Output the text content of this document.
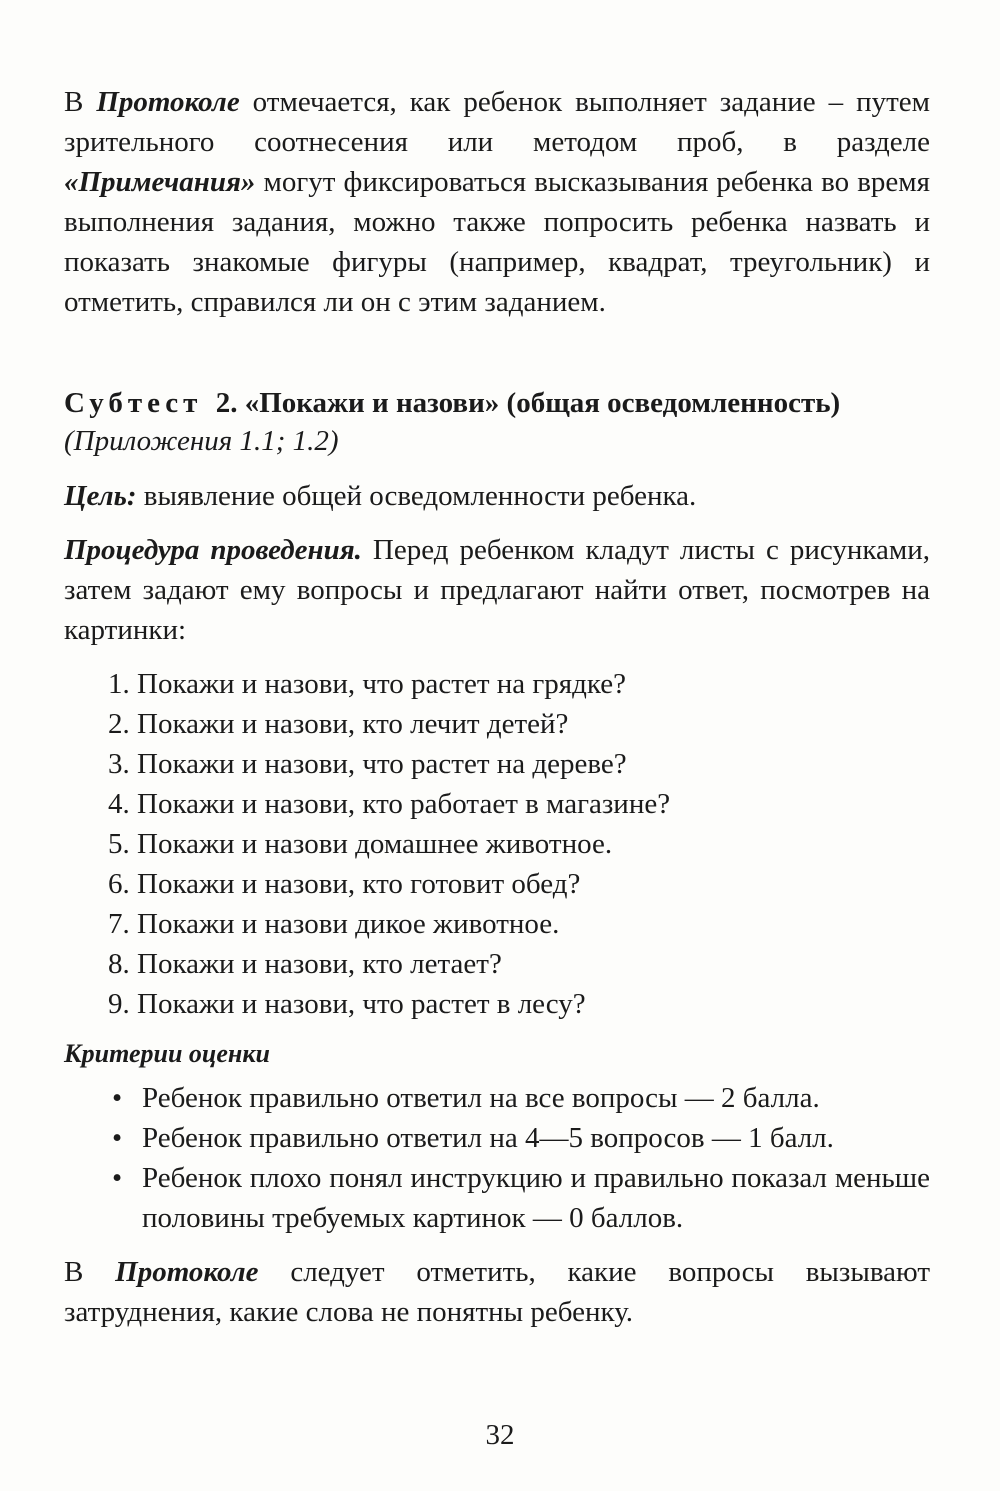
В Протоколе отмечается, как ребенок выполняет задание – путем зрительного соотнесения или методом проб, в разделе «Примечания» могут фиксироваться высказывания ребенка во время выполнения задания, можно также попросить ребенка назвать и показать знакомые фигуры (например, квадрат, треугольник) и отметить, справился ли он с этим заданием.

Субтест 2. «Покажи и назови» (общая осведомленность)

(Приложения 1.1; 1.2)

Цель: выявление общей осведомленности ребенка.

Процедура проведения. Перед ребенком кладут листы с рисунками, затем задают ему вопросы и предлагают найти ответ, посмотрев на картинки:

1. Покажи и назови, что растет на грядке?
2. Покажи и назови, кто лечит детей?
3. Покажи и назови, что растет на дереве?
4. Покажи и назови, кто работает в магазине?
5. Покажи и назови домашнее животное.
6. Покажи и назови, кто готовит обед?
7. Покажи и назови дикое животное.
8. Покажи и назови, кто летает?
9. Покажи и назови, что растет в лесу?

Критерии оценки

• Ребенок правильно ответил на все вопросы — 2 балла.
• Ребенок правильно ответил на 4—5 вопросов — 1 балл.
• Ребенок плохо понял инструкцию и правильно показал меньше половины требуемых картинок — 0 баллов.

В Протоколе следует отметить, какие вопросы вызывают затруднения, какие слова не понятны ребенку.

32
